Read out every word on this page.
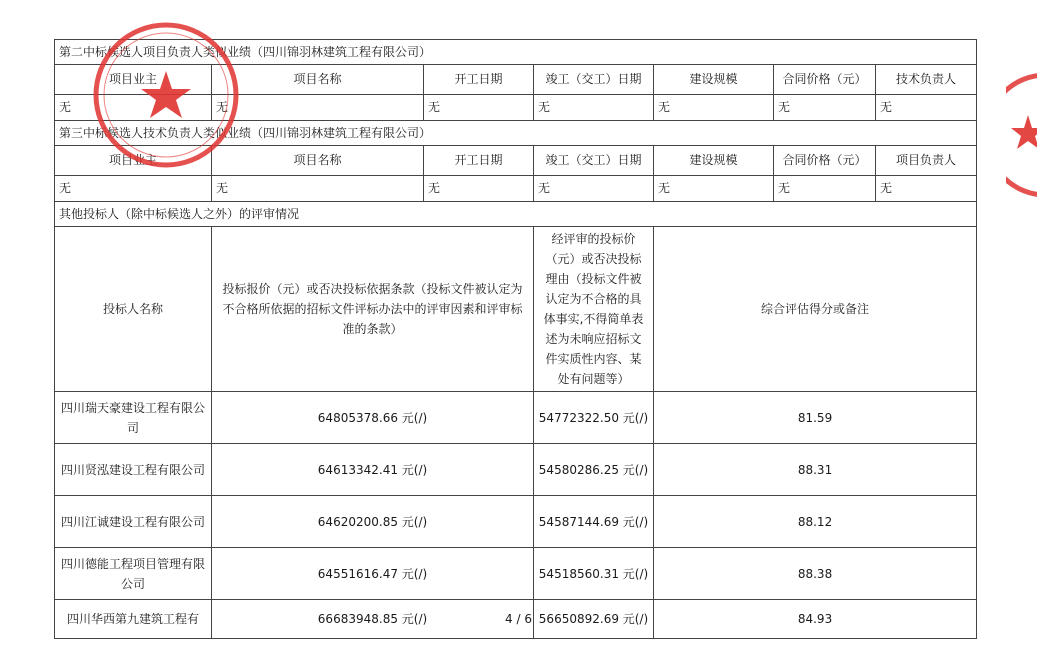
第二中标候选人项目负责人类似业绩（四川锦羽林建筑工程有限公司）						
项目业主	项目名称	开工日期	竣工（交工）日期	建设规模	合同价格（元）	技术负责人
无	无	无	无	无	无	无
第三中标候选人技术负责人类似业绩（四川锦羽林建筑工程有限公司）						
项目业主	项目名称	开工日期	竣工（交工）日期	建设规模	合同价格（元）	项目负责人
无	无	无	无	无	无	无
其他投标人（除中标候选人之外）的评审情况						
投标人名称	投标报价（元）或否决投标依据条款（投标文件被认定为不合格所依据的招标文件评标办法中的评审因素和评审标准的条款）		经评审的投标价（元）或否决投标理由（投标文件被认定为不合格的具体事实,不得简单表述为未响应招标文件实质性内容、某处有问题等）	综合评估得分或备注		
四川瑞天豪建设工程有限公司	64805378.66 元(/)		54772322.50 元(/)	81.59		
四川贤泓建设工程有限公司	64613342.41 元(/)		54580286.25 元(/)	88.31		
四川江诚建设工程有限公司	64620200.85 元(/)		54587144.69 元(/)	88.12		
四川德能工程项目管理有限公司	64551616.47 元(/)		54518560.31 元(/)	88.38		
四川华西第九建筑工程有	66683948.85 元(/)		56650892.69 元(/)	84.93		
4 / 6
